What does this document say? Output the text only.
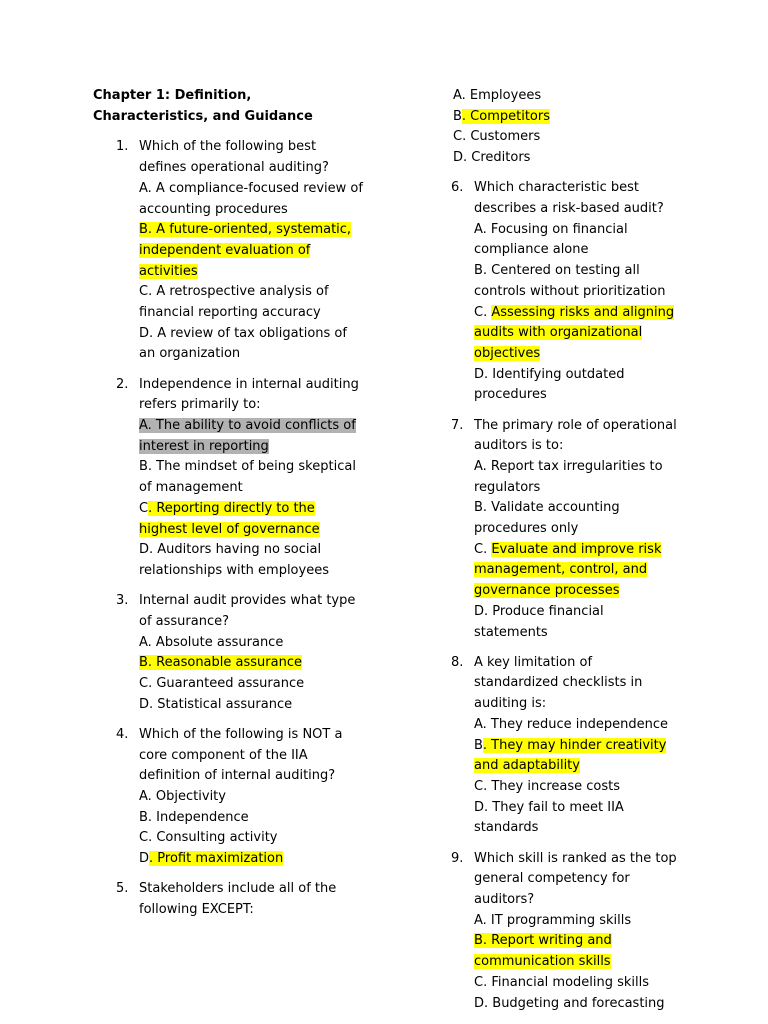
Chapter 1: Definition, Characteristics, and Guidance
1. Which of the following best defines operational auditing?
A. A compliance-focused review of accounting procedures
B. A future-oriented, systematic, independent evaluation of activities
C. A retrospective analysis of financial reporting accuracy
D. A review of tax obligations of an organization
2. Independence in internal auditing refers primarily to:
A. The ability to avoid conflicts of interest in reporting
B. The mindset of being skeptical of management
C. Reporting directly to the highest level of governance
D. Auditors having no social relationships with employees
3. Internal audit provides what type of assurance?
A. Absolute assurance
B. Reasonable assurance
C. Guaranteed assurance
D. Statistical assurance
4. Which of the following is NOT a core component of the IIA definition of internal auditing?
A. Objectivity
B. Independence
C. Consulting activity
D. Profit maximization
5. Stakeholders include all of the following EXCEPT:
A. Employees
B. Competitors
C. Customers
D. Creditors
6. Which characteristic best describes a risk-based audit?
A. Focusing on financial compliance alone
B. Centered on testing all controls without prioritization
C. Assessing risks and aligning audits with organizational objectives
D. Identifying outdated procedures
7. The primary role of operational auditors is to:
A. Report tax irregularities to regulators
B. Validate accounting procedures only
C. Evaluate and improve risk management, control, and governance processes
D. Produce financial statements
8. A key limitation of standardized checklists in auditing is:
A. They reduce independence
B. They may hinder creativity and adaptability
C. They increase costs
D. They fail to meet IIA standards
9. Which skill is ranked as the top general competency for auditors?
A. IT programming skills
B. Report writing and communication skills
C. Financial modeling skills
D. Budgeting and forecasting
